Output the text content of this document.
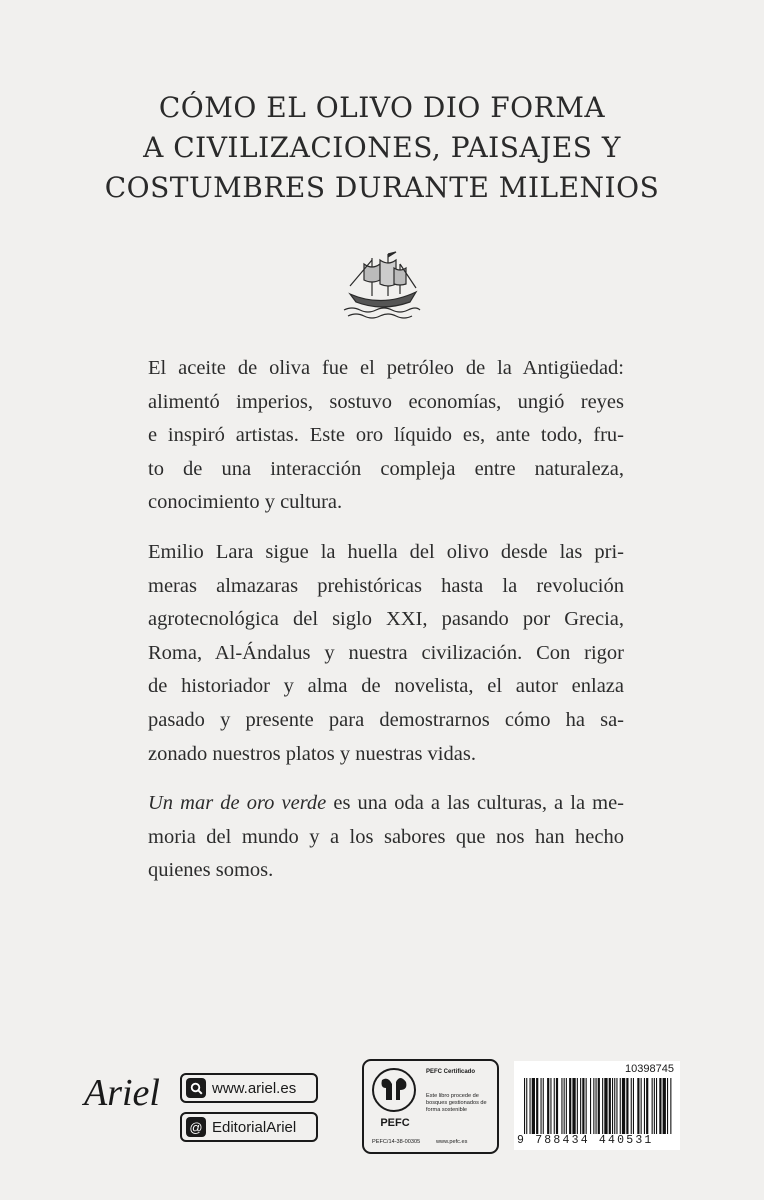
CÓMO EL OLIVO DIO FORMA
A CIVILIZACIONES, PAISAJES Y
COSTUMBRES DURANTE MILENIOS

El aceite de oliva fue el petróleo de la Antigüedad:
alimentó imperios, sostuvo economías, ungió reyes
e inspiró artistas. Este oro líquido es, ante todo, fru-
to de una interacción compleja entre naturaleza,
conocimiento y cultura.

Emilio Lara sigue la huella del olivo desde las pri-
meras almazaras prehistóricas hasta la revolución
agrotecnológica del siglo XXI, pasando por Grecia,
Roma, Al-Ándalus y nuestra civilización. Con rigor
de historiador y alma de novelista, el autor enlaza
pasado y presente para demostrarnos cómo ha sa-
zonado nuestros platos y nuestras vidas.

Un mar de oro verde es una oda a las culturas, a la me-
moria del mundo y a los sabores que nos han hecho
quienes somos.

Ariel	www.ariel.es
@ EditorialAriel	PEFC
PEFC Certificado
Este libro procede de bosques gestionados de forma sostenible
PEFC/14-38-00305	www.pefc.es
10398745
9 788434 440531
